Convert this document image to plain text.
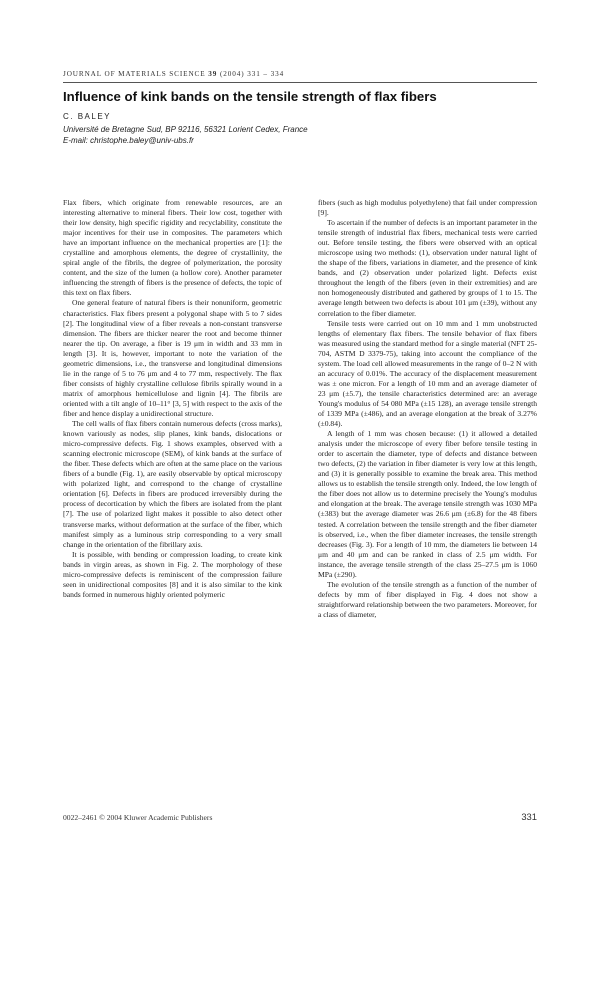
JOURNAL OF MATERIALS SCIENCE 39 (2004) 331 – 334
Influence of kink bands on the tensile strength of flax fibers
C. BALEY
Université de Bretagne Sud, BP 92116, 56321 Lorient Cedex, France
E-mail: christophe.baley@univ-ubs.fr

Flax fibers, which originate from renewable resources, are an interesting alternative to mineral fibers. Their low cost, together with their low density, high specific rigidity and recyclability, constitute the major incentives for their use in composites. The parameters which have an important influence on the mechanical properties are [1]: the crystalline and amorphous elements, the degree of crystallinity, the spiral angle of the fibrils, the degree of polymerization, the porosity content, and the size of the lumen (a hollow core). Another parameter influencing the strength of fibers is the presence of defects, the topic of this text on flax fibers.

One general feature of natural fibers is their nonuniform, geometric characteristics. Flax fibers present a polygonal shape with 5 to 7 sides [2]. The longitudinal view of a fiber reveals a non-constant transverse dimension. The fibers are thicker nearer the root and become thinner nearer the tip. On average, a fiber is 19 μm in width and 33 mm in length [3]. It is, however, important to note the variation of the geometric dimensions, i.e., the transverse and longitudinal dimensions lie in the range of 5 to 76 μm and 4 to 77 mm, respectively. The flax fiber consists of highly crystalline cellulose fibrils spirally wound in a matrix of amorphous hemicellulose and lignin [4]. The fibrils are oriented with a tilt angle of 10–11° [3, 5] with respect to the axis of the fiber and hence display a unidirectional structure.

The cell walls of flax fibers contain numerous defects (cross marks), known variously as nodes, slip planes, kink bands, dislocations or micro-compressive defects. Fig. 1 shows examples, observed with a scanning electronic microscope (SEM), of kink bands at the surface of the fiber. These defects which are often at the same place on the various fibers of a bundle (Fig. 1), are easily observable by optical microscopy with polarized light, and correspond to the change of crystalline orientation [6]. Defects in fibers are produced irreversibly during the process of decortication by which the fibers are isolated from the plant [7]. The use of polarized light makes it possible to also detect other transverse marks, without deformation at the surface of the fiber, which manifest simply as a luminous strip corresponding to a very small change in the orientation of the fibrillary axis.

It is possible, with bending or compression loading, to create kink bands in virgin areas, as shown in Fig. 2. The morphology of these micro-compressive defects is reminiscent of the compression failure seen in unidirectional composites [8] and it is also similar to the kink bands formed in numerous highly oriented polymeric

fibers (such as high modulus polyethylene) that fail under compression [9].

To ascertain if the number of defects is an important parameter in the tensile strength of industrial flax fibers, mechanical tests were carried out. Before tensile testing, the fibers were observed with an optical microscope using two methods: (1), observation under natural light of the shape of the fibers, variations in diameter, and the presence of kink bands, and (2) observation under polarized light. Defects exist throughout the length of the fibers (even in their extremities) and are non homogeneously distributed and gathered by groups of 1 to 15. The average length between two defects is about 101 μm (±39), without any correlation to the fiber diameter.

Tensile tests were carried out on 10 mm and 1 mm unobstructed lengths of elementary flax fibers. The tensile behavior of flax fibers was measured using the standard method for a single material (NFT 25-704, ASTM D 3379-75), taking into account the compliance of the system. The load cell allowed measurements in the range of 0–2 N with an accuracy of 0.01%. The accuracy of the displacement measurement was ± one micron. For a length of 10 mm and an average diameter of 23 μm (±5.7), the tensile characteristics determined are: an average Young's modulus of 54 080 MPa (±15 128), an average tensile strength of 1339 MPa (±486), and an average elongation at the break of 3.27% (±0.84).

A length of 1 mm was chosen because: (1) it allowed a detailed analysis under the microscope of every fiber before tensile testing in order to ascertain the diameter, type of defects and distance between two defects, (2) the variation in fiber diameter is very low at this length, and (3) it is generally possible to examine the break area. This method allows us to establish the tensile strength only. Indeed, the low length of the fiber does not allow us to determine precisely the Young's modulus and elongation at the break. The average tensile strength was 1030 MPa (±383) but the average diameter was 26.6 μm (±6.8) for the 48 fibers tested. A correlation between the tensile strength and the fiber diameter is observed, i.e., when the fiber diameter increases, the tensile strength decreases (Fig. 3). For a length of 10 mm, the diameters lie between 14 μm and 40 μm and can be ranked in class of 2.5 μm width. For instance, the average tensile strength of the class 25–27.5 μm is 1060 MPa (±290).

The evolution of the tensile strength as a function of the number of defects by mm of fiber displayed in Fig. 4 does not show a straightforward relationship between the two parameters. Moreover, for a class of diameter,

0022–2461 © 2004 Kluwer Academic Publishers	331
